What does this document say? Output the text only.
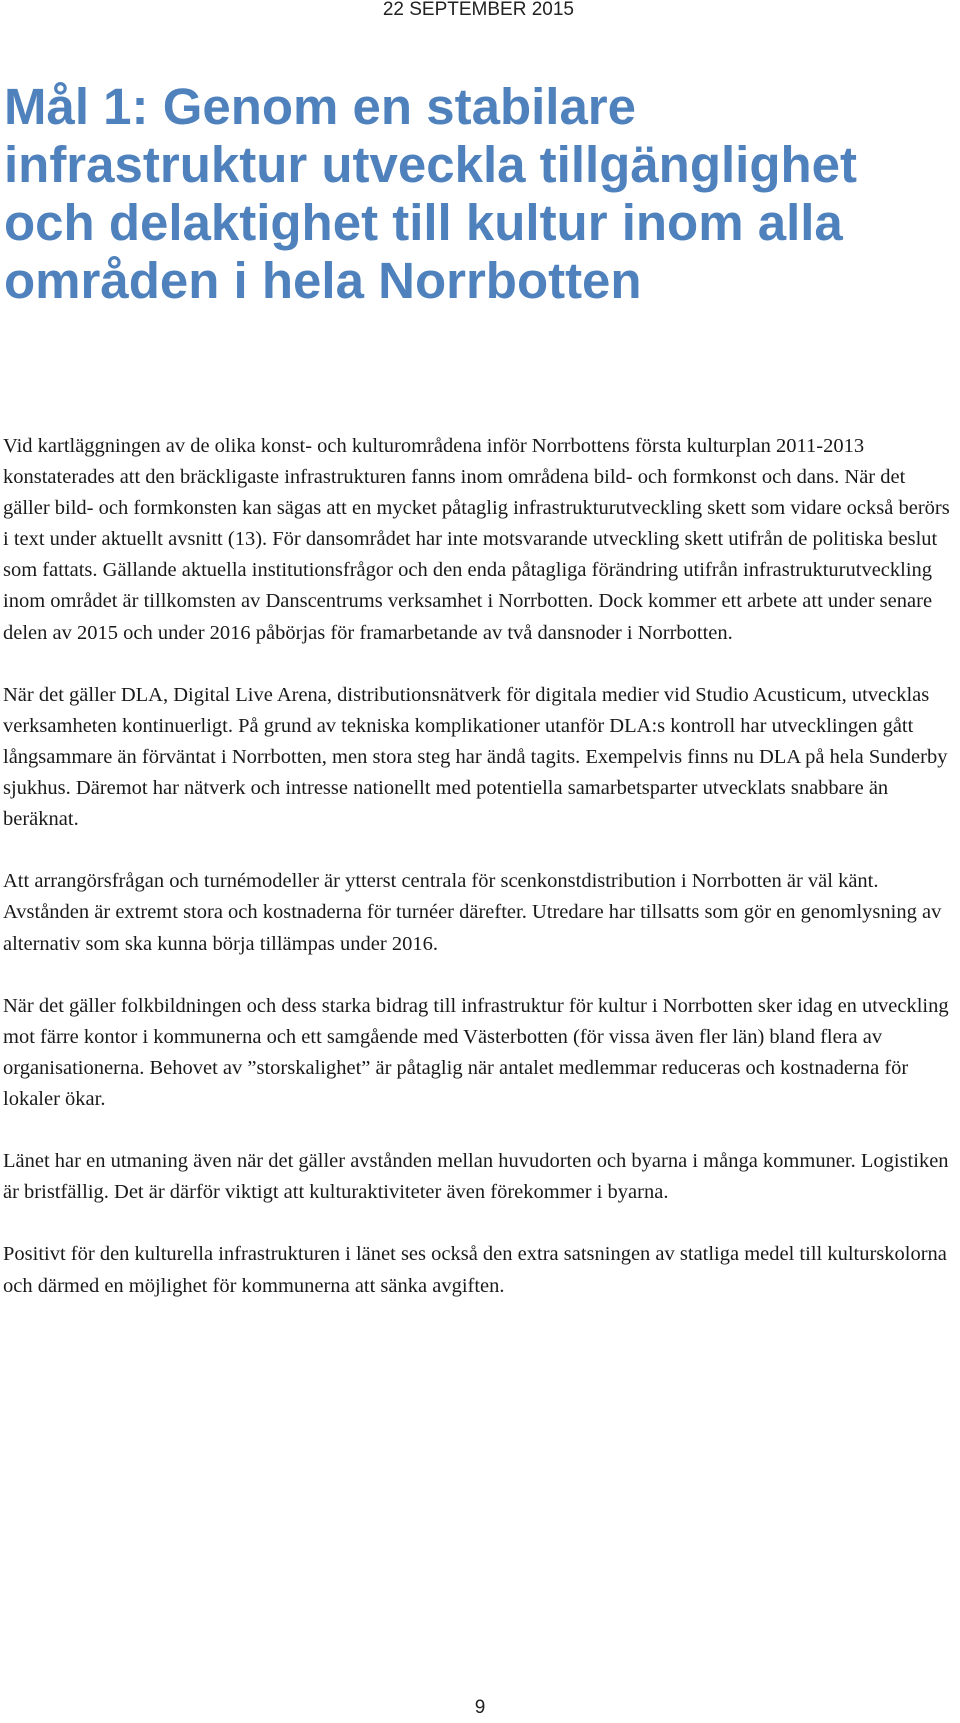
22 SEPTEMBER 2015
Mål 1: Genom en stabilare infrastruktur utveckla tillgänglighet och delaktighet till kultur inom alla områden i hela Norrbotten

Vid kartläggningen av de olika konst- och kulturområdena inför Norrbottens första kulturplan 2011-2013 konstaterades att den bräckligaste infrastrukturen fanns inom områdena bild- och formkonst och dans. När det gäller bild- och formkonsten kan sägas att en mycket påtaglig infrastrukturutveckling skett som vidare också berörs i text under aktuellt avsnitt (13). För dansområdet har inte motsvarande utveckling skett utifrån de politiska beslut som fattats. Gällande aktuella institutionsfrågor och den enda påtagliga förändring utifrån infrastrukturutveckling inom området är tillkomsten av Danscentrums verksamhet i Norrbotten. Dock kommer ett arbete att under senare delen av 2015 och under 2016 påbörjas för framarbetande av två dansnoder i Norrbotten.

När det gäller DLA, Digital Live Arena, distributionsnätverk för digitala medier vid Studio Acusticum, utvecklas verksamheten kontinuerligt. På grund av tekniska komplikationer utanför DLA:s kontroll har utvecklingen gått långsammare än förväntat i Norrbotten, men stora steg har ändå tagits. Exempelvis finns nu DLA på hela Sunderby sjukhus. Däremot har nätverk och intresse nationellt med potentiella samarbetsparter utvecklats snabbare än beräknat.

Att arrangörsfrågan och turnémodeller är ytterst centrala för scenkonstdistribution i Norrbotten är väl känt. Avstånden är extremt stora och kostnaderna för turnéer därefter. Utredare har tillsatts som gör en genomlysning av alternativ som ska kunna börja tillämpas under 2016.

När det gäller folkbildningen och dess starka bidrag till infrastruktur för kultur i Norrbotten sker idag en utveckling mot färre kontor i kommunerna och ett samgående med Västerbotten (för vissa även fler län) bland flera av organisationerna. Behovet av ”storskalighet” är påtaglig när antalet medlemmar reduceras och kostnaderna för lokaler ökar.

Länet har en utmaning även när det gäller avstånden mellan huvudorten och byarna i många kommuner. Logistiken är bristfällig. Det är därför viktigt att kulturaktiviteter även förekommer i byarna.

Positivt för den kulturella infrastrukturen i länet ses också den extra satsningen av statliga medel till kulturskolorna och därmed en möjlighet för kommunerna att sänka avgiften.

9
